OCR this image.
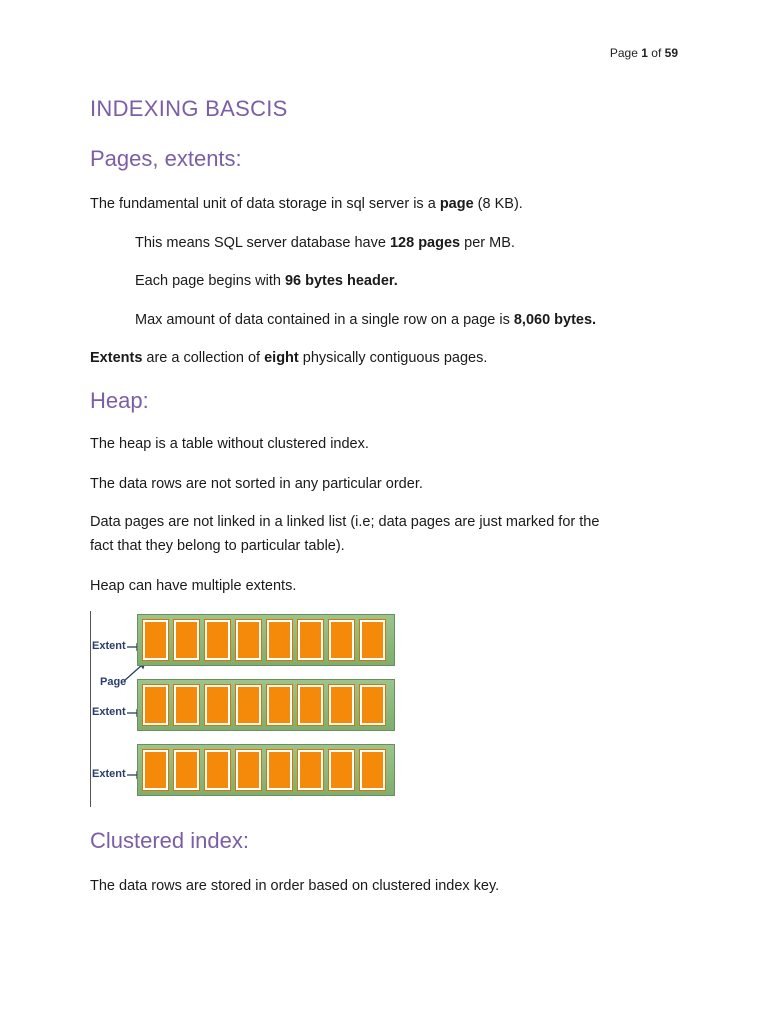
Page 1 of 59
INDEXING BASCIS
Pages, extents:

The fundamental unit of data storage in sql server is a page (8 KB).

This means SQL server database have 128 pages per MB.

Each page begins with 96 bytes header.

Max amount of data contained in a single row on a page is 8,060 bytes.

Extents are a collection of eight physically contiguous pages.

Heap:

The heap is a table without clustered index.

The data rows are not sorted in any particular order.

Data pages are not linked in a linked list (i.e; data pages are just marked for the
fact that they belong to particular table).

Heap can have multiple extents.

Extent
Page
Extent
Extent
Clustered index:

The data rows are stored in order based on clustered index key.
